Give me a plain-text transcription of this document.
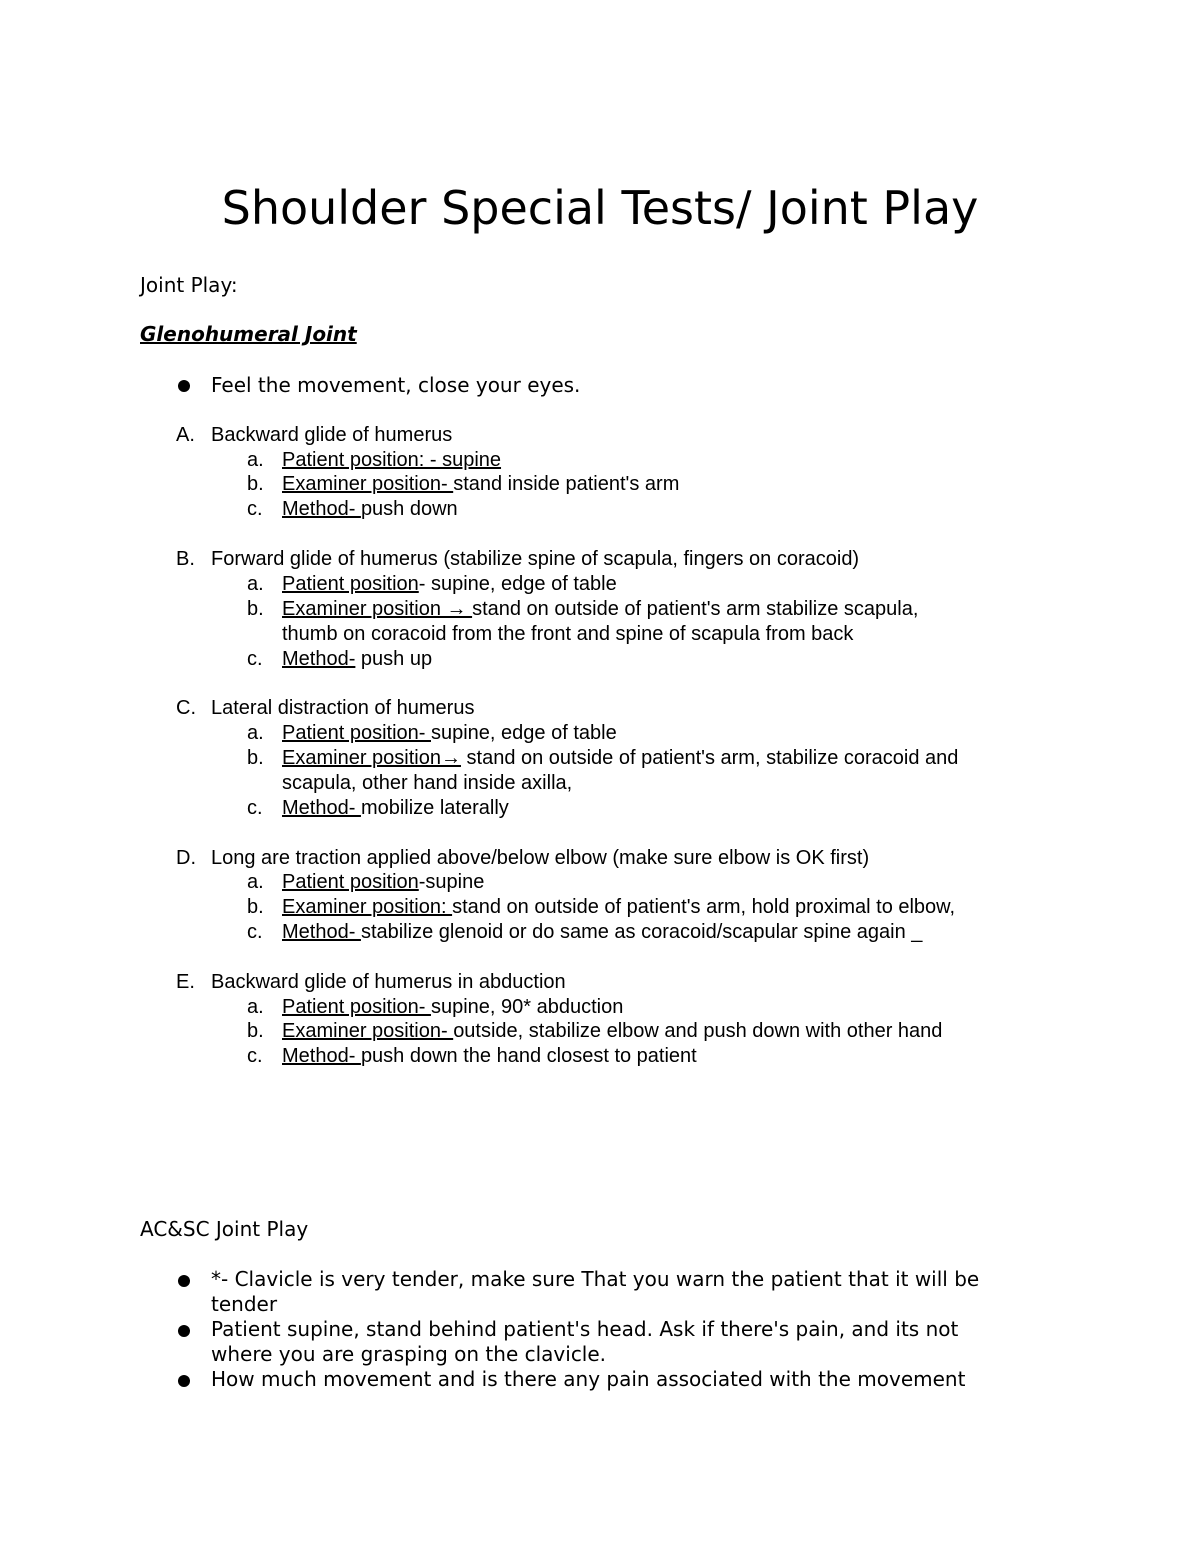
Shoulder Special Tests/ Joint Play
Joint Play:
Glenohumeral Joint
Feel the movement, close your eyes.
A. Backward glide of humerus
a. Patient position: - supine
b. Examiner position- stand inside patient's arm
c. Method- push down
B. Forward glide of humerus (stabilize spine of scapula, fingers on coracoid)
a. Patient position- supine, edge of table
b. Examiner position → stand on outside of patient's arm stabilize scapula,
thumb on coracoid from the front and spine of scapula from back
c. Method- push up
C. Lateral distraction of humerus
a. Patient position- supine, edge of table
b. Examiner position→ stand on outside of patient's arm, stabilize coracoid and
scapula, other hand inside axilla,
c. Method- mobilize laterally
D. Long are traction applied above/below elbow (make sure elbow is OK first)
a. Patient position-supine
b. Examiner position: stand on outside of patient's arm, hold proximal to elbow,
c. Method- stabilize glenoid or do same as coracoid/scapular spine again _
E. Backward glide of humerus in abduction
a. Patient position- supine, 90* abduction
b. Examiner position- outside, stabilize elbow and push down with other hand
c. Method- push down the hand closest to patient
AC&SC Joint Play
*- Clavicle is very tender, make sure That you warn the patient that it will be
tender
Patient supine, stand behind patient's head. Ask if there's pain, and its not
where you are grasping on the clavicle.
How much movement and is there any pain associated with the movement
